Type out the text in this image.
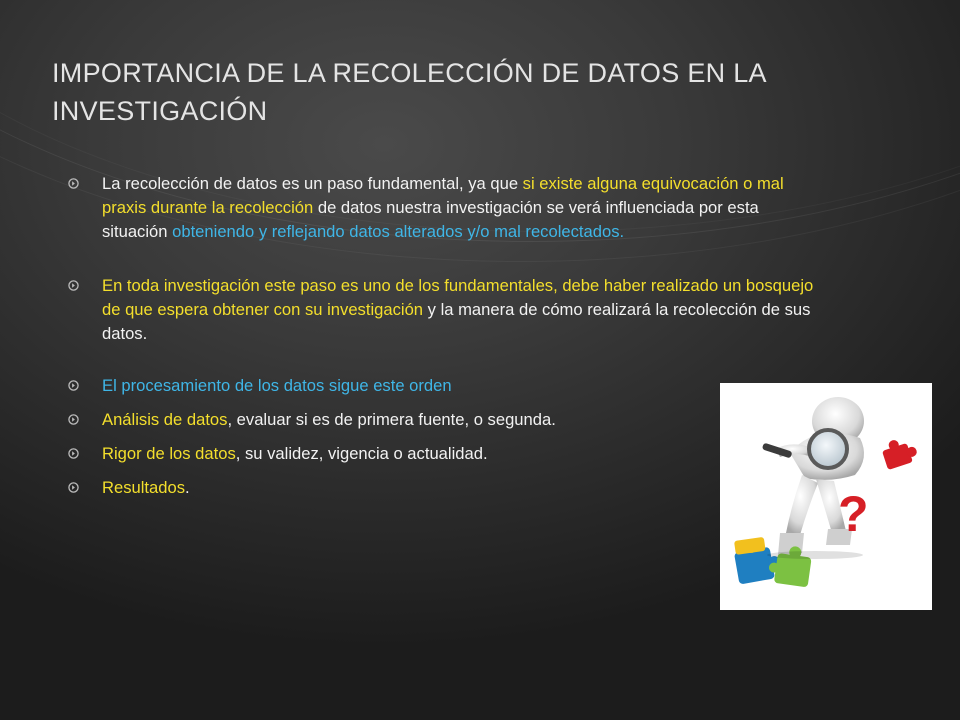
IMPORTANCIA DE LA RECOLECCIÓN DE DATOS EN LA
INVESTIGACIÓN
La recolección de datos es un paso fundamental, ya que si existe alguna equivocación o mal praxis durante la recolección de datos nuestra investigación se verá influenciada por esta situación obteniendo y reflejando datos alterados y/o mal recolectados.
En toda investigación este paso es uno de los fundamentales, debe haber realizado un bosquejo de que espera obtener con su investigación y la manera de cómo realizará la recolección de sus datos.
El procesamiento de los datos sigue este orden
Análisis de datos, evaluar si es de primera fuente, o segunda.
Rigor de los datos, su validez, vigencia o actualidad.
Resultados.	?
